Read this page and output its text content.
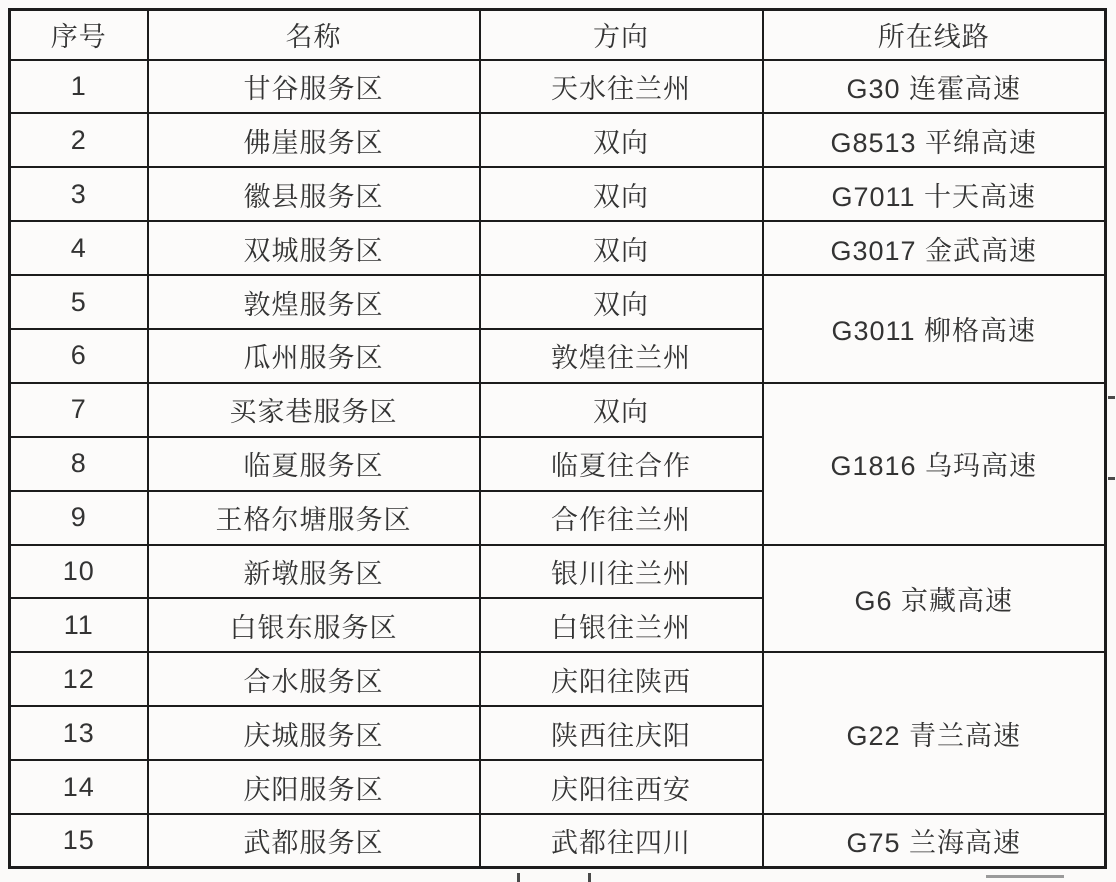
序号	名称	方向	所在线路
1	甘谷服务区	天水往兰州	G30 连霍高速
2	佛崖服务区	双向	G8513 平绵高速
3	徽县服务区	双向	G7011 十天高速
4	双城服务区	双向	G3017 金武高速
5	敦煌服务区	双向	G3011 柳格高速
6	瓜州服务区	敦煌往兰州	
7	买家巷服务区	双向	G1816 乌玛高速
8	临夏服务区	临夏往合作	
9	王格尔塘服务区	合作往兰州	
10	新墩服务区	银川往兰州	G6 京藏高速
11	白银东服务区	白银往兰州	
12	合水服务区	庆阳往陕西	G22 青兰高速
13	庆城服务区	陕西往庆阳	
14	庆阳服务区	庆阳往西安	
15	武都服务区	武都往四川	G75 兰海高速
